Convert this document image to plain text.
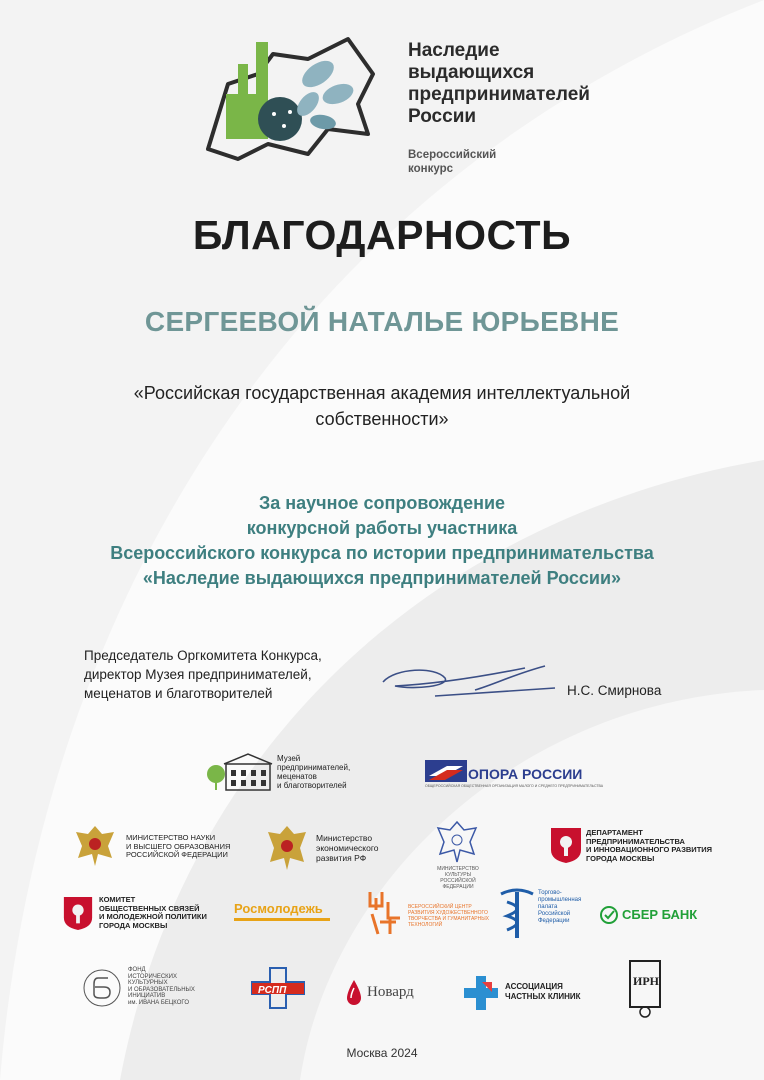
Наследие
выдающихся
предпринимателей
России
Всероссийский
конкурс
БЛАГОДАРНОСТЬ
СЕРГЕЕВОЙ НАТАЛЬЕ ЮРЬЕВНЕ
«Российская государственная академия интеллектуальной
собственности»
За научное сопровождение
конкурсной работы участника
Всероссийского конкурса по истории предпринимательства
«Наследие выдающихся предпринимателей России»
Председатель Оргкомитета Конкурса,
директор Музея предпринимателей,
меценатов и благотворителей	Н.С. Смирнова
Музей
предпринимателей,
меценатов
и благотворителей
ОПОРА РОССИИ
ОБЩЕРОССИЙСКАЯ ОБЩЕСТВЕННАЯ ОРГАНИЗАЦИЯ МАЛОГО И СРЕДНЕГО ПРЕДПРИНИМАТЕЛЬСТВА
МИНИСТЕРСТВО НАУКИ
И ВЫСШЕГО ОБРАЗОВАНИЯ
РОССИЙСКОЙ ФЕДЕРАЦИИ
Министерство
экономического
развития РФ
МИНИСТЕРСТВО КУЛЬТУРЫ
РОССИЙСКОЙ ФЕДЕРАЦИИ
ДЕПАРТАМЕНТ
ПРЕДПРИНИМАТЕЛЬСТВА
И ИННОВАЦИОННОГО РАЗВИТИЯ
ГОРОДА МОСКВЫ
КОМИТЕТ
ОБЩЕСТВЕННЫХ СВЯЗЕЙ
И МОЛОДЕЖНОЙ ПОЛИТИКИ
ГОРОДА МОСКВЫ
Росмолодежь	ВСЕРОССИЙСКИЙ ЦЕНТР
РАЗВИТИЯ ХУДОЖЕСТВЕННОГО
ТВОРЧЕСТВА И ГУМАНИТАРНЫХ
ТЕХНОЛОГИЙ
Торгово-
промышленная
палата
Российской
Федерации	СБЕР БАНК
ФОНД
ИСТОРИЧЕСКИХ
КУЛЬТУРНЫХ
И ОБРАЗОВАТЕЛЬНЫХ
ИНИЦИАТИВ
им. ИВАНА БЕЦКОГО
РСПП	Новард	АССОЦИАЦИЯ
ЧАСТНЫХ КЛИНИК
ИРН
Москва 2024
